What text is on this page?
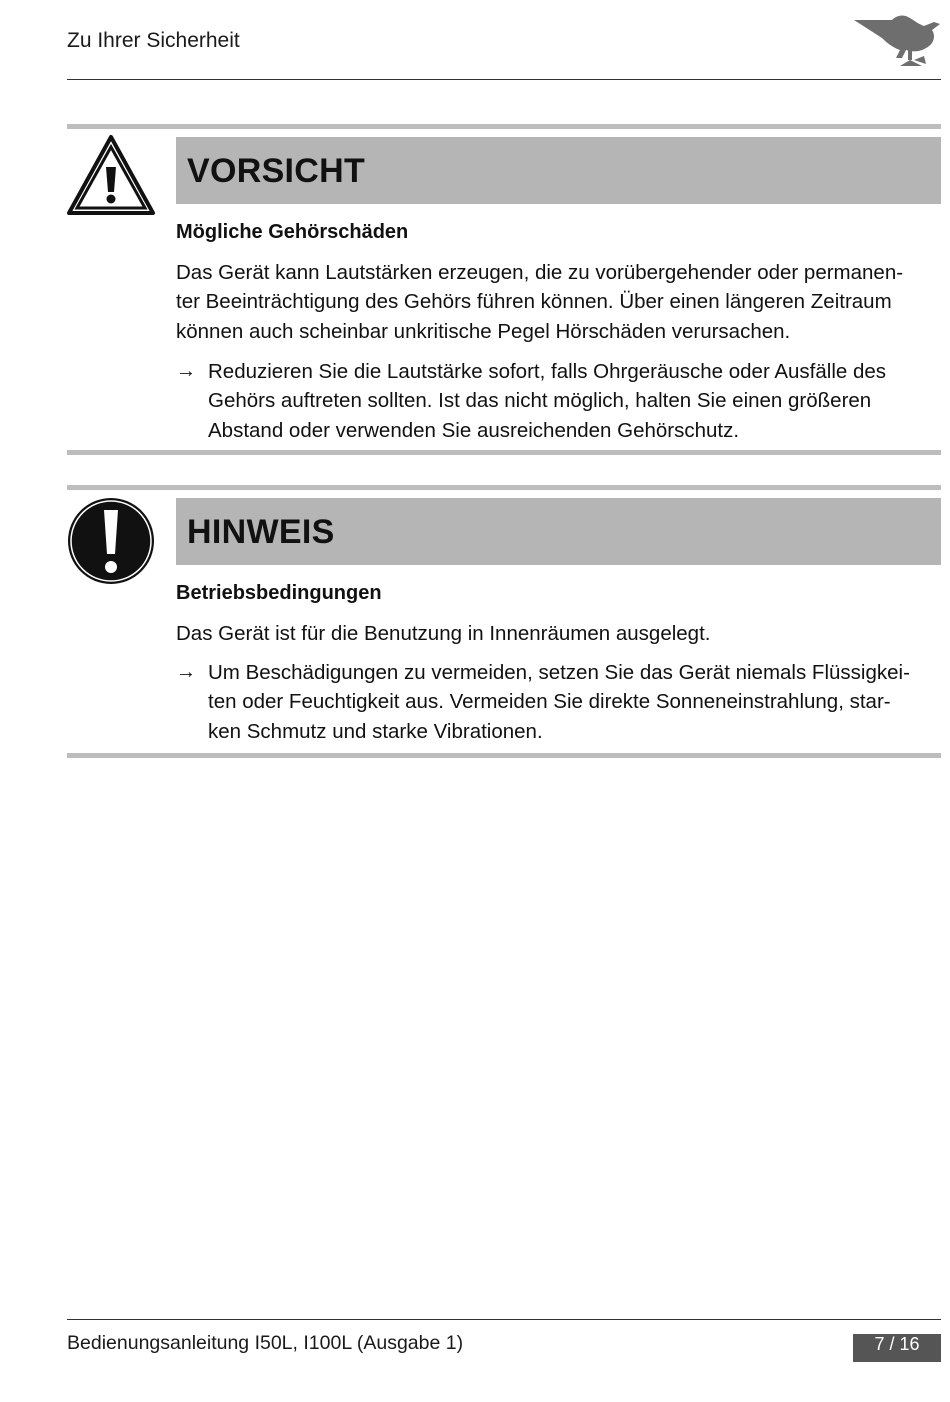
Zu Ihrer Sicherheit
VORSICHT
Mögliche Gehörschäden
Das Gerät kann Lautstärken erzeugen, die zu vorübergehender oder permanen-
ter Beeinträchtigung des Gehörs führen können. Über einen längeren Zeitraum
können auch scheinbar unkritische Pegel Hörschäden verursachen.
→ Reduzieren Sie die Lautstärke sofort, falls Ohrgeräusche oder Ausfälle des
Gehörs auftreten sollten. Ist das nicht möglich, halten Sie einen größeren
Abstand oder verwenden Sie ausreichenden Gehörschutz.
HINWEIS
Betriebsbedingungen
Das Gerät ist für die Benutzung in Innenräumen ausgelegt.
→ Um Beschädigungen zu vermeiden, setzen Sie das Gerät niemals Flüssigkei-
ten oder Feuchtigkeit aus. Vermeiden Sie direkte Sonneneinstrahlung, star-
ken Schmutz und starke Vibrationen.
Bedienungsanleitung I50L, I100L (Ausgabe 1)	7 / 16
